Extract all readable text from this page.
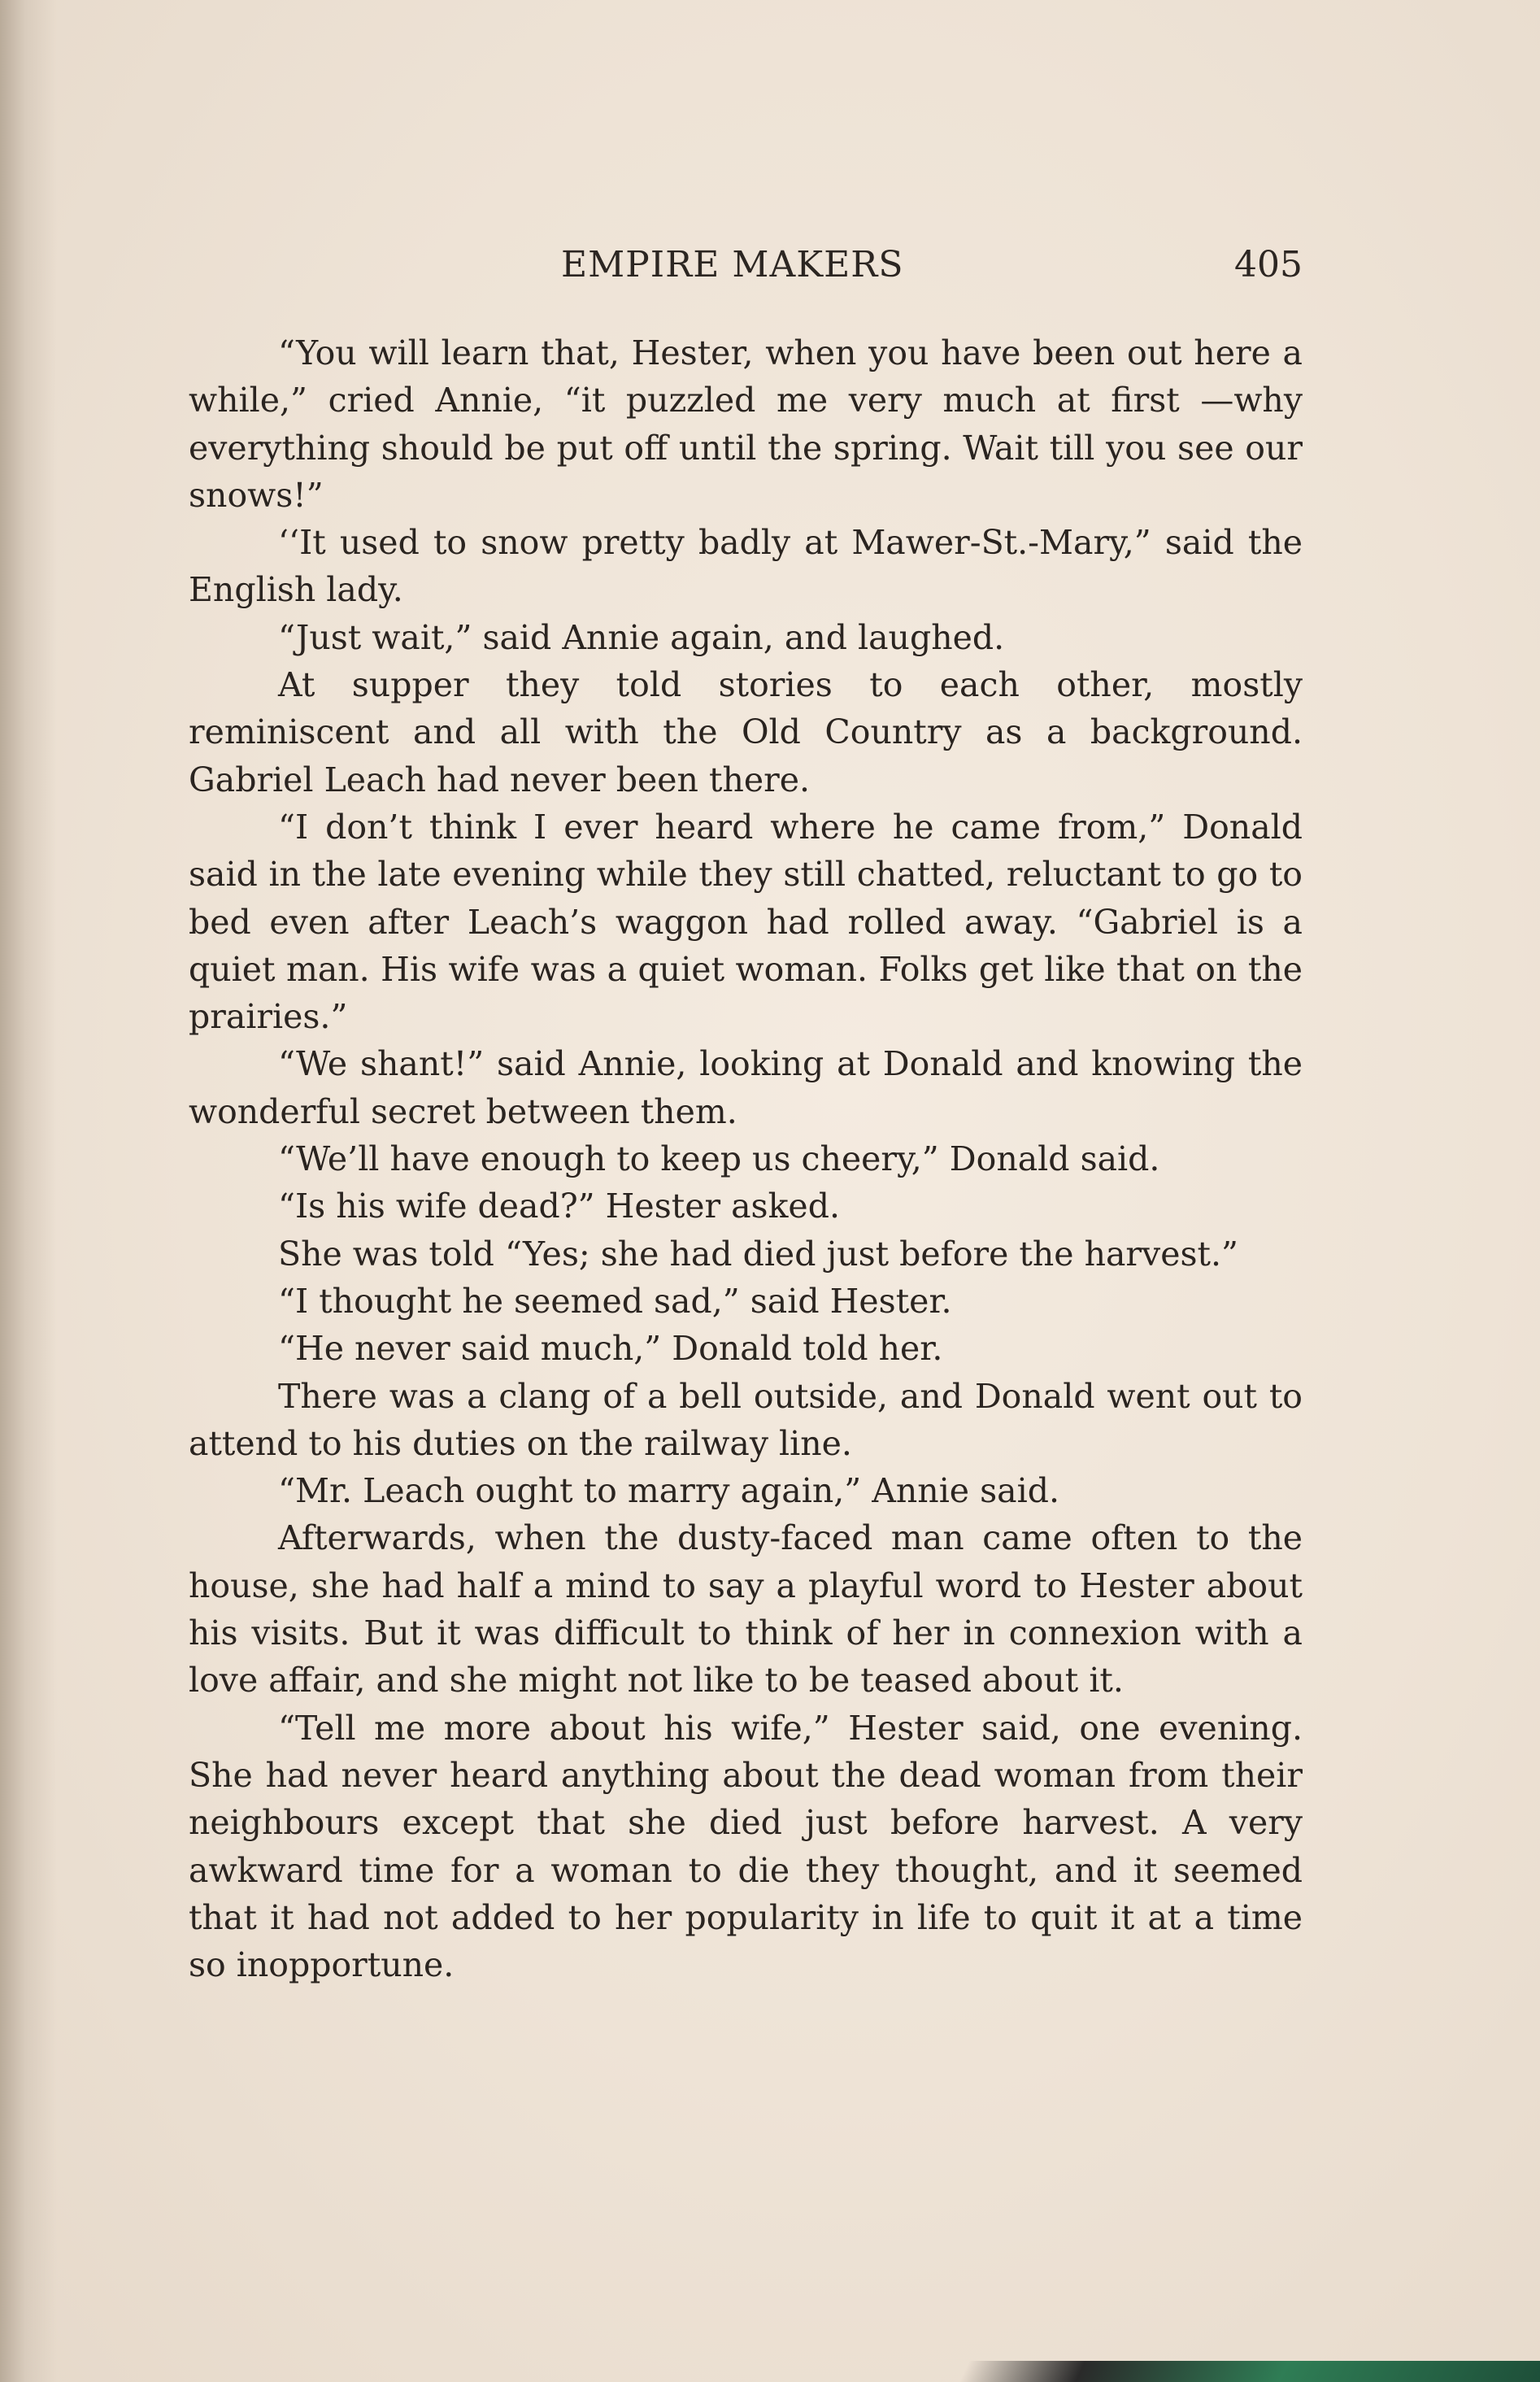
EMPIRE MAKERS	405

“You will learn that, Hester, when you have been out here a while,” cried Annie, “it puzzled me very much at first —why everything should be put off until the spring. Wait till you see our snows!”

‘‘It used to snow pretty badly at Mawer-St.-Mary,” said the English lady.

“Just wait,” said Annie again, and laughed.

At supper they told stories to each other, mostly reminiscent and all with the Old Country as a background. Gabriel Leach had never been there.

“I don’t think I ever heard where he came from,” Donald said in the late evening while they still chatted, reluctant to go to bed even after Leach’s waggon had rolled away. “Gabriel is a quiet man. His wife was a quiet woman. Folks get like that on the prairies.”

“We shant!” said Annie, looking at Donald and knowing the wonderful secret between them.

“We’ll have enough to keep us cheery,” Donald said.

“Is his wife dead?” Hester asked.

She was told “Yes; she had died just before the harvest.”

“I thought he seemed sad,” said Hester.

“He never said much,” Donald told her.

There was a clang of a bell outside, and Donald went out to attend to his duties on the railway line.

“Mr. Leach ought to marry again,” Annie said.

Afterwards, when the dusty-faced man came often to the house, she had half a mind to say a playful word to Hester about his visits. But it was difficult to think of her in connexion with a love affair, and she might not like to be teased about it.

“Tell me more about his wife,” Hester said, one evening. She had never heard anything about the dead woman from their neighbours except that she died just before harvest. A very awkward time for a woman to die they thought, and it seemed that it had not added to her popularity in life to quit it at a time so inopportune.
